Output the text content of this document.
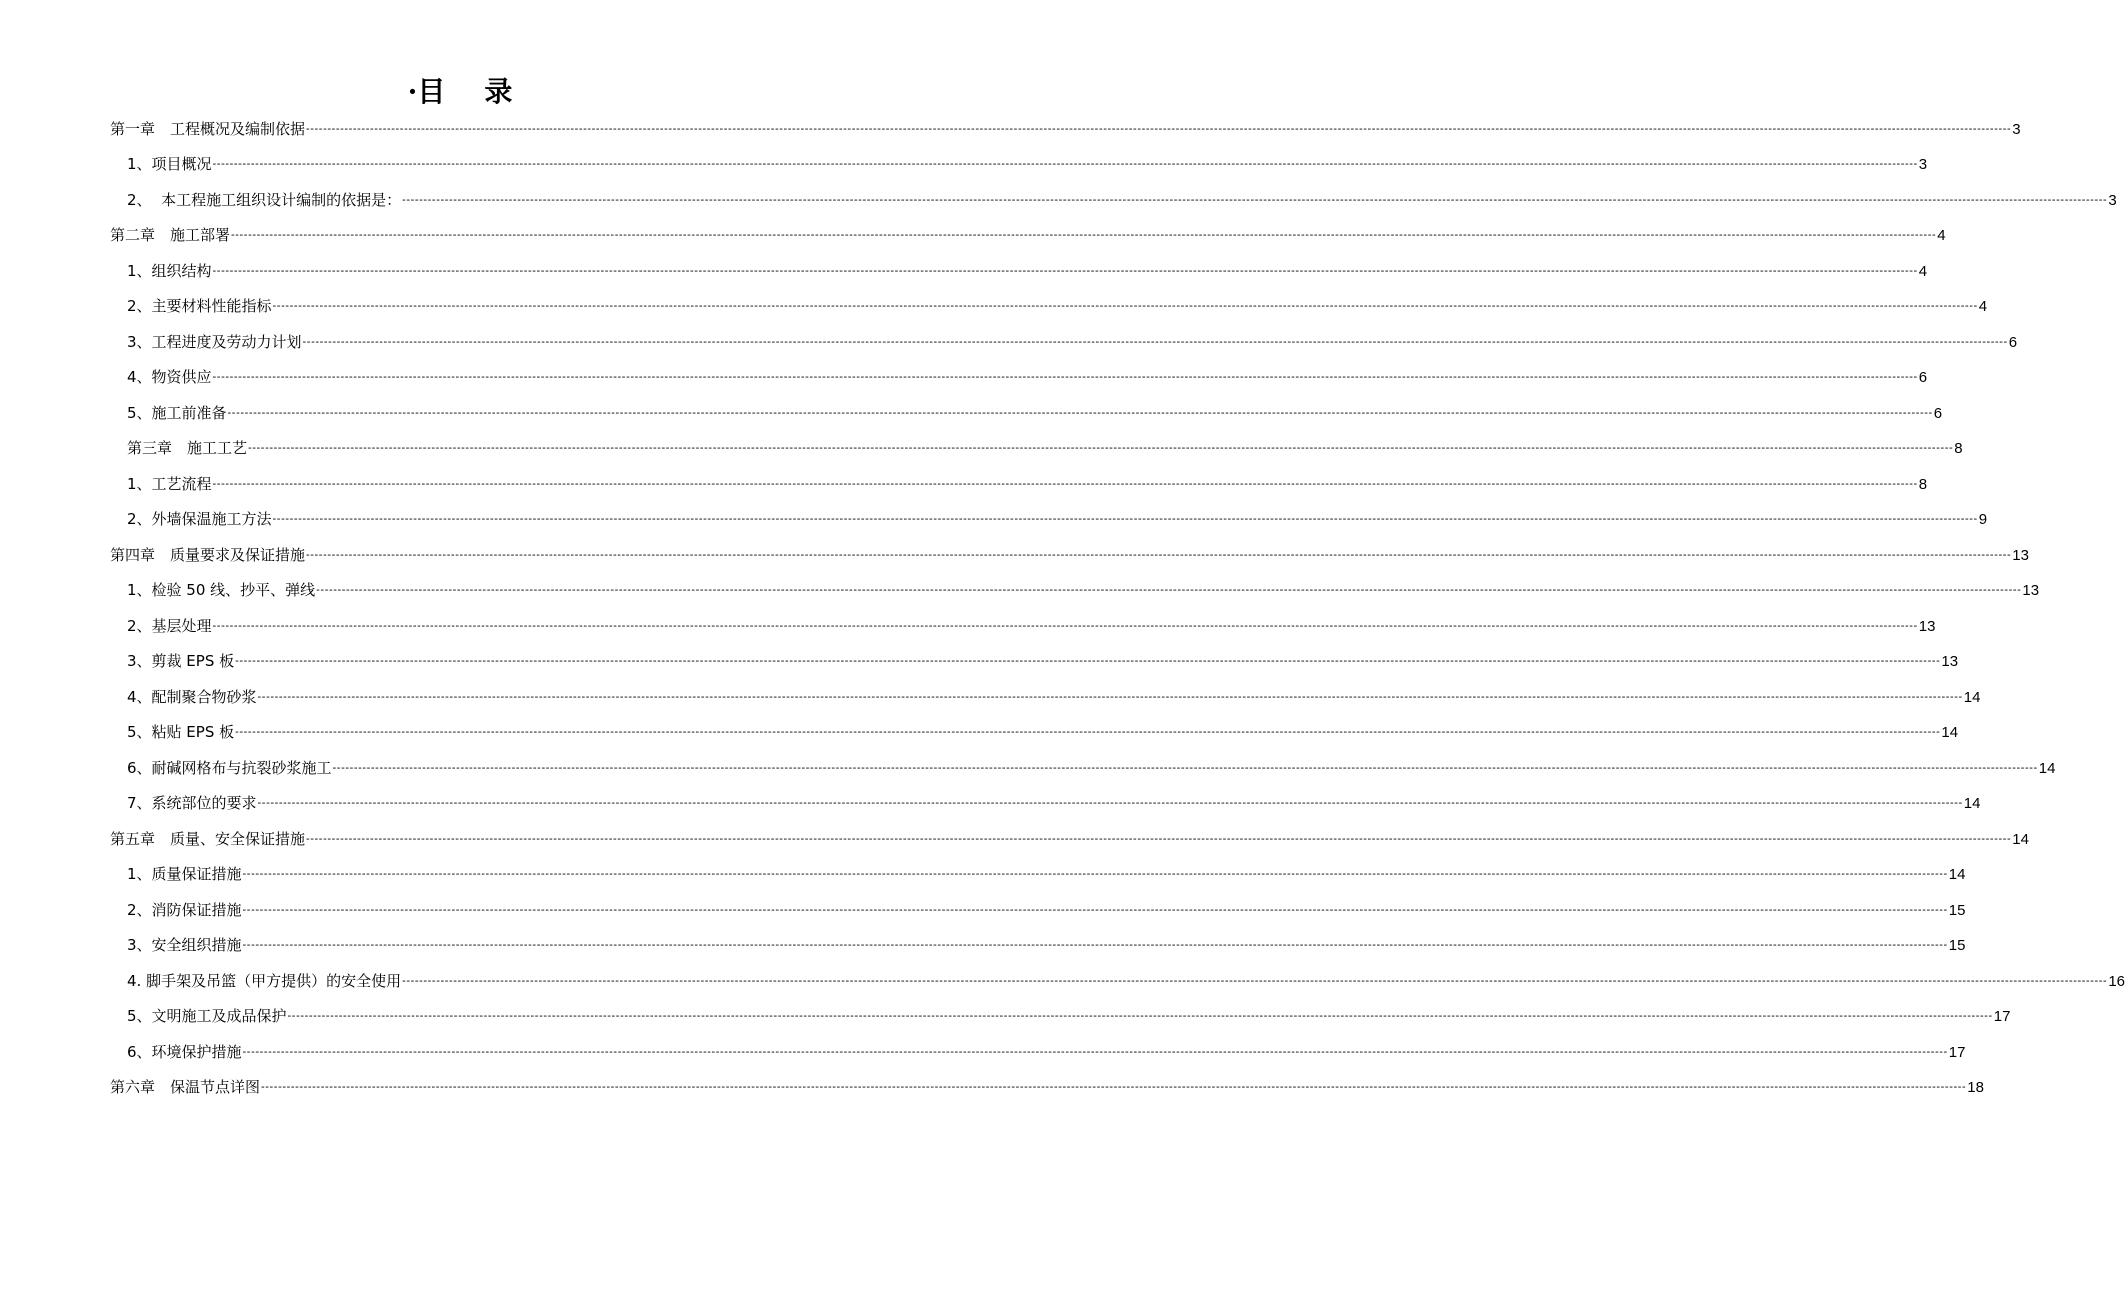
·目    录
第一章　工程概况及编制依据 ---------------------------------------------------------------------------------------------------------------------------------------------------------------------------------------------------------------------------------------------------------------------------------------------------------------------------------------------------------------------------------------------------------------- 3
1、项目概况 ---------------------------------------------------------------------------------------------------------------------------------------------------------------------------------------------------------------------------------------------------------------------------------------------------------------------------------------------------------------------------------------------------------------- 3
2、  本工程施工组织设计编制的依据是： ---------------------------------------------------------------------------------------------------------------------------------------------------------------------------------------------------------------------------------------------------------------------------------------------------------------------------------------------------------------------------------------------------------------- 3
第二章　施工部署 ---------------------------------------------------------------------------------------------------------------------------------------------------------------------------------------------------------------------------------------------------------------------------------------------------------------------------------------------------------------------------------------------------------------- 4
1、组织结构 ---------------------------------------------------------------------------------------------------------------------------------------------------------------------------------------------------------------------------------------------------------------------------------------------------------------------------------------------------------------------------------------------------------------- 4
2、主要材料性能指标 ---------------------------------------------------------------------------------------------------------------------------------------------------------------------------------------------------------------------------------------------------------------------------------------------------------------------------------------------------------------------------------------------------------------- 4
3、工程进度及劳动力计划 ---------------------------------------------------------------------------------------------------------------------------------------------------------------------------------------------------------------------------------------------------------------------------------------------------------------------------------------------------------------------------------------------------------------- 6
4、物资供应 ---------------------------------------------------------------------------------------------------------------------------------------------------------------------------------------------------------------------------------------------------------------------------------------------------------------------------------------------------------------------------------------------------------------- 6
5、施工前准备 ---------------------------------------------------------------------------------------------------------------------------------------------------------------------------------------------------------------------------------------------------------------------------------------------------------------------------------------------------------------------------------------------------------------- 6
第三章　施工工艺 ---------------------------------------------------------------------------------------------------------------------------------------------------------------------------------------------------------------------------------------------------------------------------------------------------------------------------------------------------------------------------------------------------------------- 8
1、工艺流程 ---------------------------------------------------------------------------------------------------------------------------------------------------------------------------------------------------------------------------------------------------------------------------------------------------------------------------------------------------------------------------------------------------------------- 8
2、外墙保温施工方法 ---------------------------------------------------------------------------------------------------------------------------------------------------------------------------------------------------------------------------------------------------------------------------------------------------------------------------------------------------------------------------------------------------------------- 9
第四章　质量要求及保证措施 ---------------------------------------------------------------------------------------------------------------------------------------------------------------------------------------------------------------------------------------------------------------------------------------------------------------------------------------------------------------------------------------------------------------- 13
1、检验 50 线、抄平、弹线 ---------------------------------------------------------------------------------------------------------------------------------------------------------------------------------------------------------------------------------------------------------------------------------------------------------------------------------------------------------------------------------------------------------------- 13
2、基层处理 ---------------------------------------------------------------------------------------------------------------------------------------------------------------------------------------------------------------------------------------------------------------------------------------------------------------------------------------------------------------------------------------------------------------- 13
3、剪裁 EPS 板 ---------------------------------------------------------------------------------------------------------------------------------------------------------------------------------------------------------------------------------------------------------------------------------------------------------------------------------------------------------------------------------------------------------------- 13
4、配制聚合物砂浆 ---------------------------------------------------------------------------------------------------------------------------------------------------------------------------------------------------------------------------------------------------------------------------------------------------------------------------------------------------------------------------------------------------------------- 14
5、粘贴 EPS 板 ---------------------------------------------------------------------------------------------------------------------------------------------------------------------------------------------------------------------------------------------------------------------------------------------------------------------------------------------------------------------------------------------------------------- 14
6、耐碱网格布与抗裂砂浆施工 ---------------------------------------------------------------------------------------------------------------------------------------------------------------------------------------------------------------------------------------------------------------------------------------------------------------------------------------------------------------------------------------------------------------- 14
7、系统部位的要求 ---------------------------------------------------------------------------------------------------------------------------------------------------------------------------------------------------------------------------------------------------------------------------------------------------------------------------------------------------------------------------------------------------------------- 14
第五章　质量、安全保证措施 ---------------------------------------------------------------------------------------------------------------------------------------------------------------------------------------------------------------------------------------------------------------------------------------------------------------------------------------------------------------------------------------------------------------- 14
1、质量保证措施 ---------------------------------------------------------------------------------------------------------------------------------------------------------------------------------------------------------------------------------------------------------------------------------------------------------------------------------------------------------------------------------------------------------------- 14
2、消防保证措施 ---------------------------------------------------------------------------------------------------------------------------------------------------------------------------------------------------------------------------------------------------------------------------------------------------------------------------------------------------------------------------------------------------------------- 15
3、安全组织措施 ---------------------------------------------------------------------------------------------------------------------------------------------------------------------------------------------------------------------------------------------------------------------------------------------------------------------------------------------------------------------------------------------------------------- 15
4. 脚手架及吊篮（甲方提供）的安全使用 ---------------------------------------------------------------------------------------------------------------------------------------------------------------------------------------------------------------------------------------------------------------------------------------------------------------------------------------------------------------------------------------------------------------- 16
5、文明施工及成品保护 ---------------------------------------------------------------------------------------------------------------------------------------------------------------------------------------------------------------------------------------------------------------------------------------------------------------------------------------------------------------------------------------------------------------- 17
6、环境保护措施 ---------------------------------------------------------------------------------------------------------------------------------------------------------------------------------------------------------------------------------------------------------------------------------------------------------------------------------------------------------------------------------------------------------------- 17
第六章　保温节点详图 ---------------------------------------------------------------------------------------------------------------------------------------------------------------------------------------------------------------------------------------------------------------------------------------------------------------------------------------------------------------------------------------------------------------- 18
